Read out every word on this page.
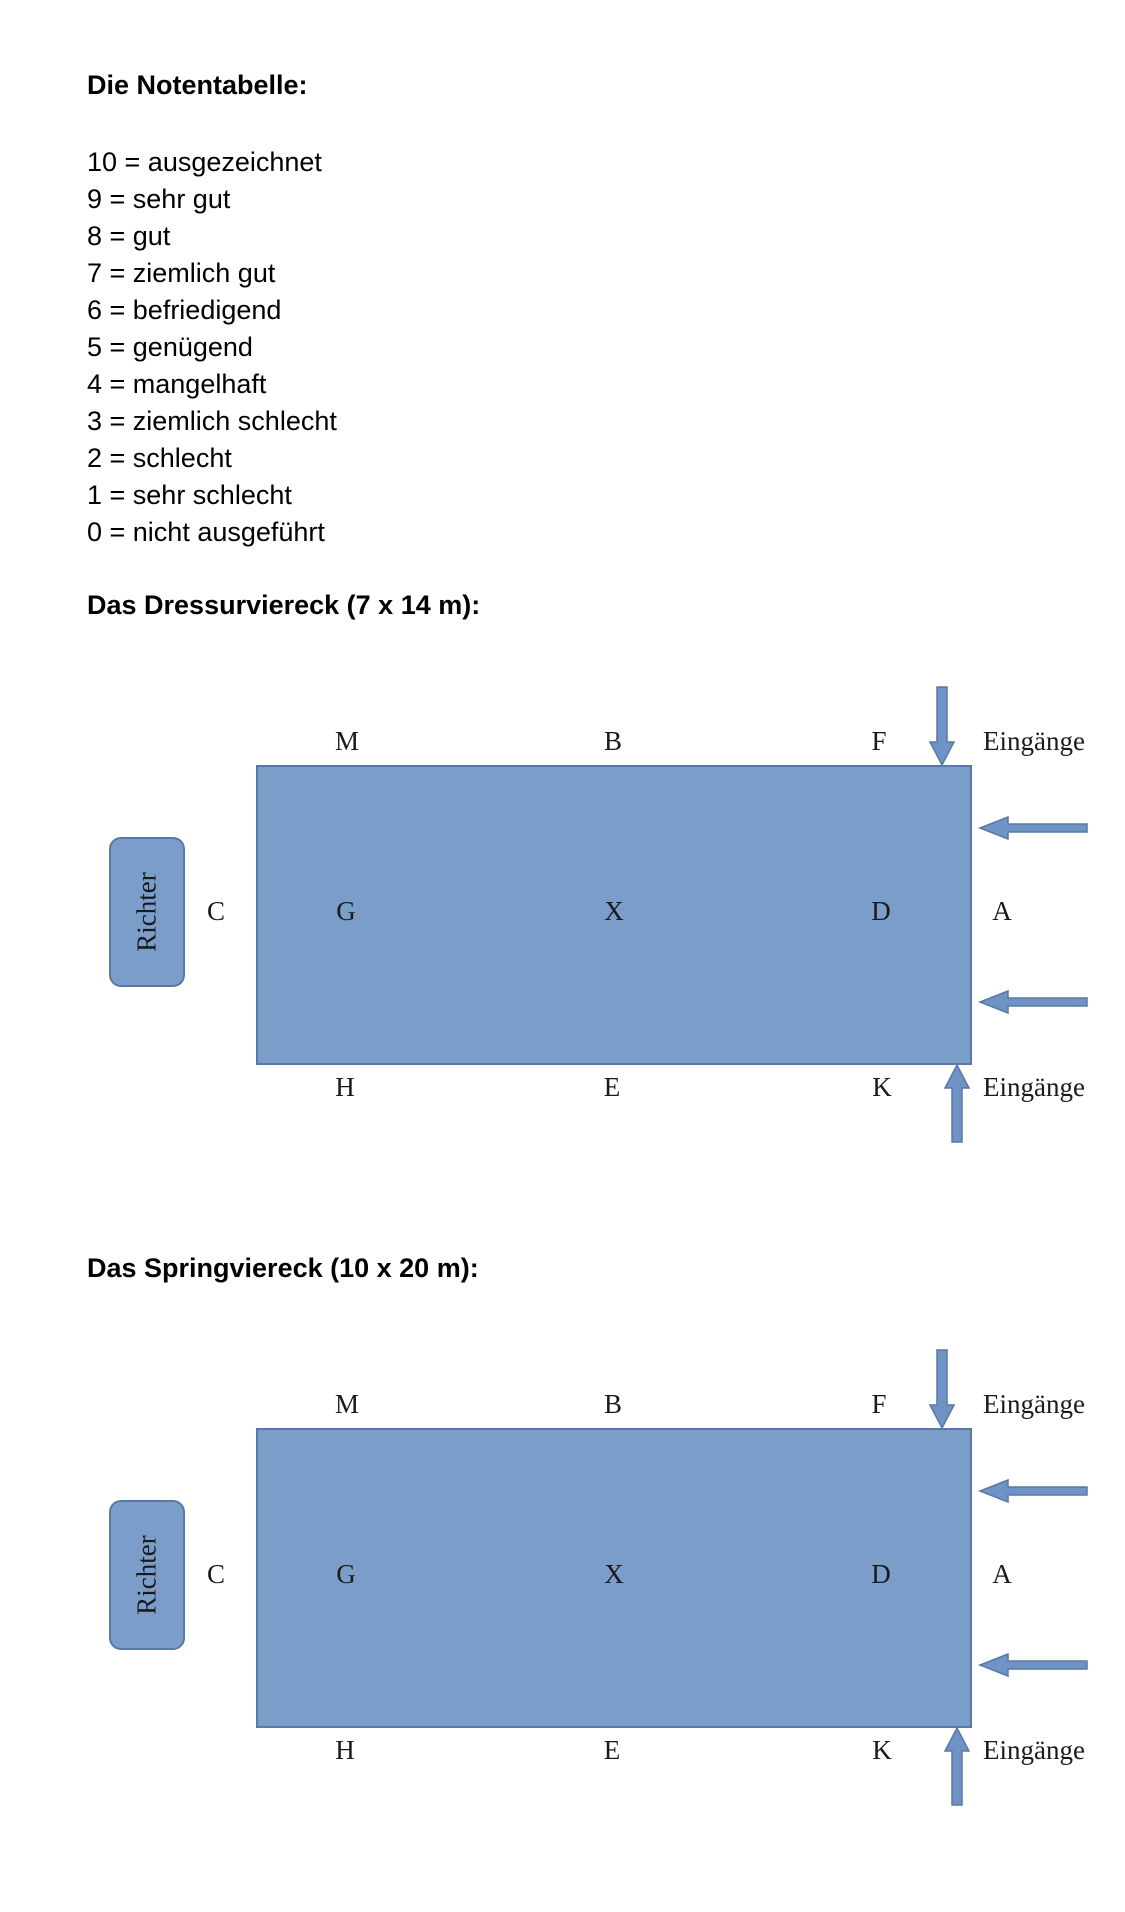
Die Notentabelle:
10 = ausgezeichnet
9 = sehr gut
8 = gut
7 = ziemlich gut
6 = befriedigend
5 = genügend
4 = mangelhaft
3 = ziemlich schlecht
2 = schlecht
1 = sehr schlecht
0 = nicht ausgeführt
Das Dressurviereck (7 x 14 m):
Richter
M	B	F
C	G	X	D	A
H	E	K
Eingänge
Eingänge
Das Springviereck (10 x 20 m):
Richter
M	B	F
C	G	X	D	A
H	E	K
Eingänge
Eingänge
